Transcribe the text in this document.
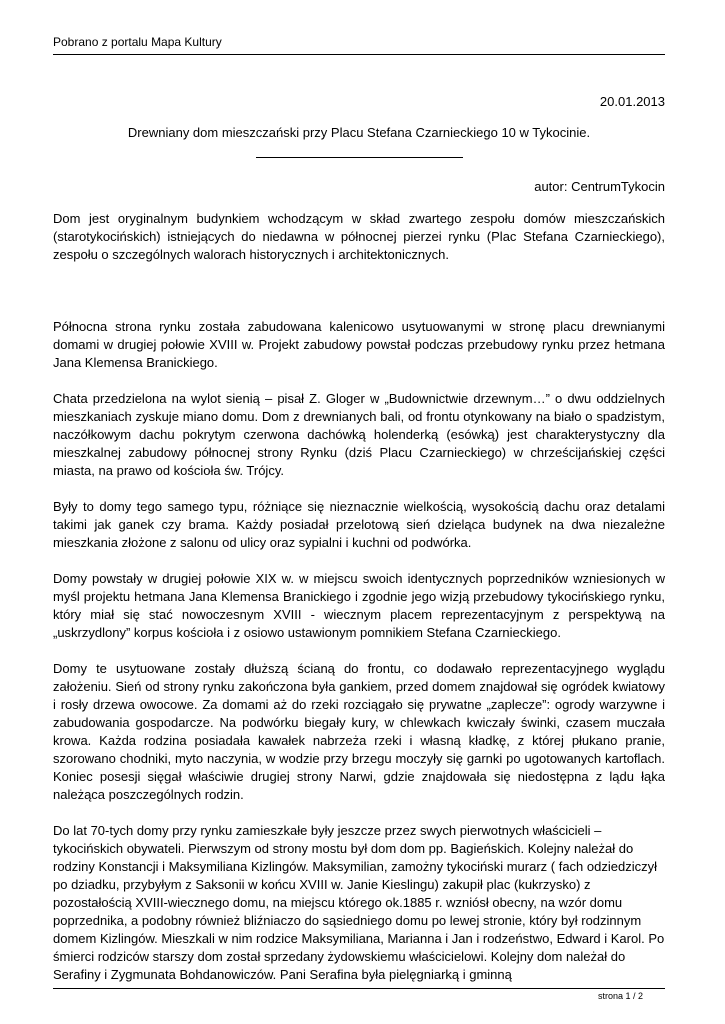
Pobrano z portalu Mapa Kultury
20.01.2013
Drewniany dom mieszczański przy Placu Stefana Czarnieckiego 10 w Tykocinie.
autor: CentrumTykocin

Dom jest oryginalnym budynkiem wchodzącym w skład zwartego zespołu domów mieszczańskich (starotykocińskich) istniejących do niedawna w północnej pierzei rynku (Plac Stefana Czarnieckiego), zespołu o szczególnych walorach historycznych i architektonicznych.

Północna strona rynku została zabudowana kalenicowo usytuowanymi w stronę placu drewnianymi domami w drugiej połowie XVIII w. Projekt zabudowy powstał podczas przebudowy rynku przez hetmana Jana Klemensa Branickiego.

Chata przedzielona na wylot sienią – pisał Z. Gloger w „Budownictwie drzewnym…” o dwu oddzielnych mieszkaniach zyskuje miano domu. Dom z drewnianych bali, od frontu otynkowany na biało o spadzistym, naczółkowym dachu pokrytym czerwona dachówką holenderką (esówką) jest charakterystyczny dla mieszkalnej zabudowy północnej strony Rynku (dziś Placu Czarnieckiego) w chrześcijańskiej części miasta, na prawo od kościoła św. Trójcy.

Były to domy tego samego typu, różniące się nieznacznie wielkością, wysokością dachu oraz detalami takimi jak ganek czy brama. Każdy posiadał przelotową sień dzieląca budynek na dwa niezależne mieszkania złożone z salonu od ulicy oraz sypialni i kuchni od podwórka.

Domy powstały w drugiej połowie XIX w. w miejscu swoich identycznych poprzedników wzniesionych w myśl projektu hetmana Jana Klemensa Branickiego i zgodnie jego wizją przebudowy tykocińskiego rynku, który miał się stać nowoczesnym XVIII - wiecznym placem reprezentacyjnym z perspektywą na „uskrzydlony” korpus kościoła i z osiowo ustawionym pomnikiem Stefana Czarnieckiego.

Domy te usytuowane zostały dłuższą ścianą do frontu, co dodawało reprezentacyjnego wyglądu założeniu. Sień od strony rynku zakończona była gankiem, przed domem znajdował się ogródek kwiatowy i rosły drzewa owocowe. Za domami aż do rzeki rozciągało się prywatne „zaplecze”: ogrody warzywne i zabudowania gospodarcze. Na podwórku biegały kury, w chlewkach kwiczały świnki, czasem muczała krowa. Każda rodzina posiadała kawałek nabrzeża rzeki i własną kładkę, z której płukano pranie, szorowano chodniki, myto naczynia, w wodzie przy brzegu moczyły się garnki po ugotowanych kartoflach. Koniec posesji sięgał właściwie drugiej strony Narwi, gdzie znajdowała się niedostępna z lądu łąka należąca poszczególnych rodzin.

Do lat 70-tych domy przy rynku zamieszkałe były jeszcze przez swych pierwotnych właścicieli – tykocińskich obywateli. Pierwszym od strony mostu był dom dom pp. Bagieńskich. Kolejny należał do rodziny Konstancji i Maksymiliana Kizlingów. Maksymilian, zamożny tykociński murarz ( fach odziedziczył po dziadku, przybyłym z Saksonii w końcu XVIII w. Janie Kieslingu) zakupił plac (kukrzysko) z pozostałością XVIII-wiecznego domu, na miejscu którego ok.1885 r. wzniósł obecny, na wzór domu poprzednika, a podobny również bliźniaczo do sąsiedniego domu po lewej stronie, który był rodzinnym domem Kizlingów. Mieszkali w nim rodzice Maksymiliana, Marianna i Jan i rodzeństwo, Edward i Karol. Po śmierci rodziców starszy dom został sprzedany żydowskiemu właścicielowi. Kolejny dom należał do Serafiny i Zygmunata Bohdanowiczów. Pani Serafina była pielęgniarką i gminną

strona 1 / 2
